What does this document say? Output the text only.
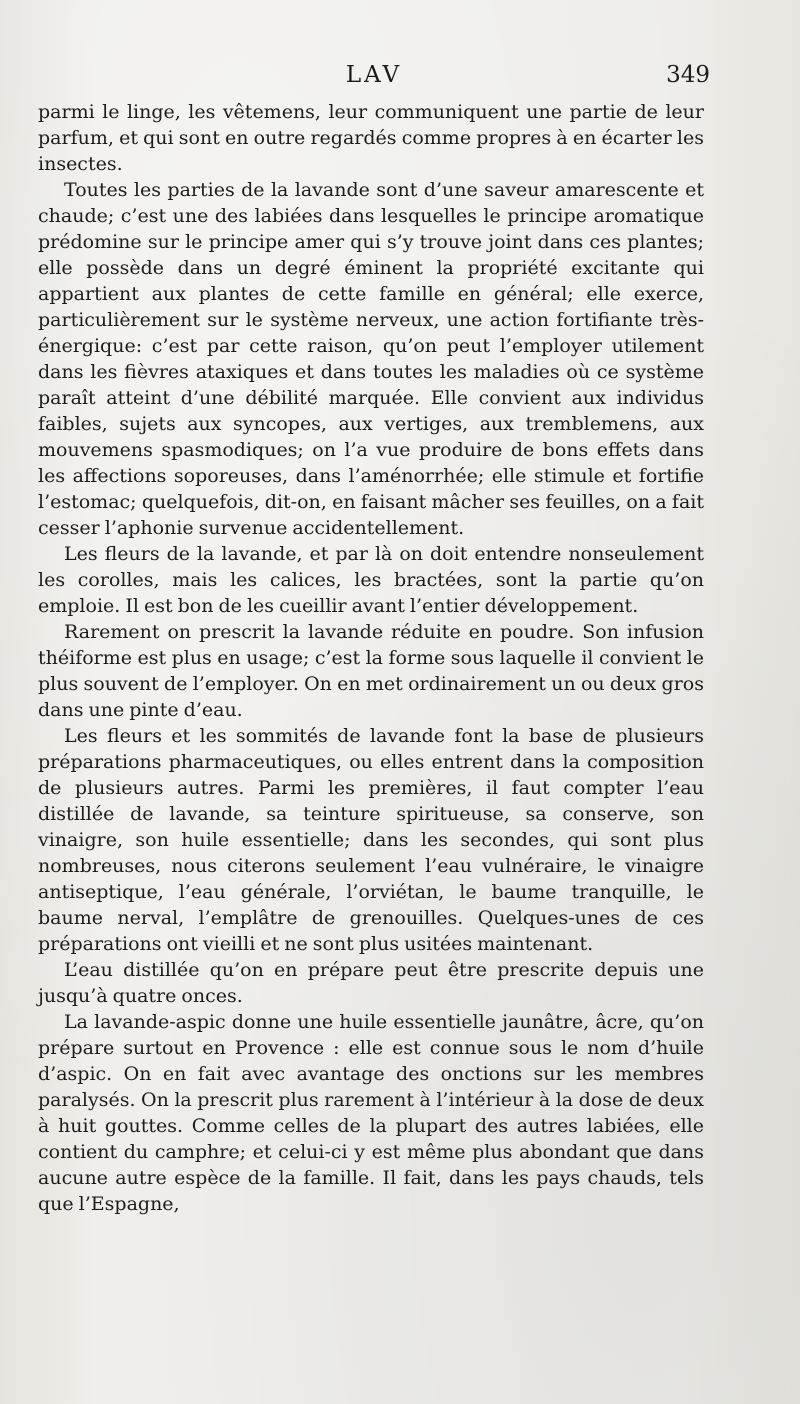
LAV	349

parmi le linge, les vêtemens, leur communiquent une partie de leur parfum, et qui sont en outre regardés comme propres à en écarter les insectes.

Toutes les parties de la lavande sont d’une saveur amarescente et chaude; c’est une des labiées dans lesquelles le principe aromatique prédomine sur le principe amer qui s’y trouve joint dans ces plantes; elle possède dans un degré éminent la propriété excitante qui appartient aux plantes de cette famille en général; elle exerce, particulièrement sur le système nerveux, une action fortifiante très-énergique: c’est par cette raison, qu’on peut l’employer utilement dans les fièvres ataxiques et dans toutes les maladies où ce système paraît atteint d’une débilité marquée. Elle convient aux individus faibles, sujets aux syncopes, aux vertiges, aux tremblemens, aux mouvemens spasmodiques; on l’a vue produire de bons effets dans les affections soporeuses, dans l’aménorrhée; elle stimule et fortifie l’estomac; quelquefois, dit-on, en faisant mâcher ses feuilles, on a fait cesser l’aphonie survenue accidentellement.

Les fleurs de la lavande, et par là on doit entendre nonseulement les corolles, mais les calices, les bractées, sont la partie qu’on emploie. Il est bon de les cueillir avant l’entier développement.

Rarement on prescrit la lavande réduite en poudre. Son infusion théiforme est plus en usage; c’est la forme sous laquelle il convient le plus souvent de l’employer. On en met ordinairement un ou deux gros dans une pinte d’eau.

Les fleurs et les sommités de lavande font la base de plusieurs préparations pharmaceutiques, ou elles entrent dans la composition de plusieurs autres. Parmi les premières, il faut compter l’eau distillée de lavande, sa teinture spiritueuse, sa conserve, son vinaigre, son huile essentielle; dans les secondes, qui sont plus nombreuses, nous citerons seulement l’eau vulnéraire, le vinaigre antiseptique, l’eau générale, l’orviétan, le baume tranquille, le baume nerval, l’emplâtre de grenouilles. Quelques-unes de ces préparations ont vieilli et ne sont plus usitées maintenant.

L’eau distillée qu’on en prépare peut être prescrite depuis une jusqu’à quatre onces.

La lavande-aspic donne une huile essentielle jaunâtre, âcre, qu’on prépare surtout en Provence : elle est connue sous le nom d’huile d’aspic. On en fait avec avantage des onctions sur les membres paralysés. On la prescrit plus rarement à l’intérieur à la dose de deux à huit gouttes. Comme celles de la plupart des autres labiées, elle contient du camphre; et celui-ci y est même plus abondant que dans aucune autre espèce de la famille. Il fait, dans les pays chauds, tels que l’Espagne,
